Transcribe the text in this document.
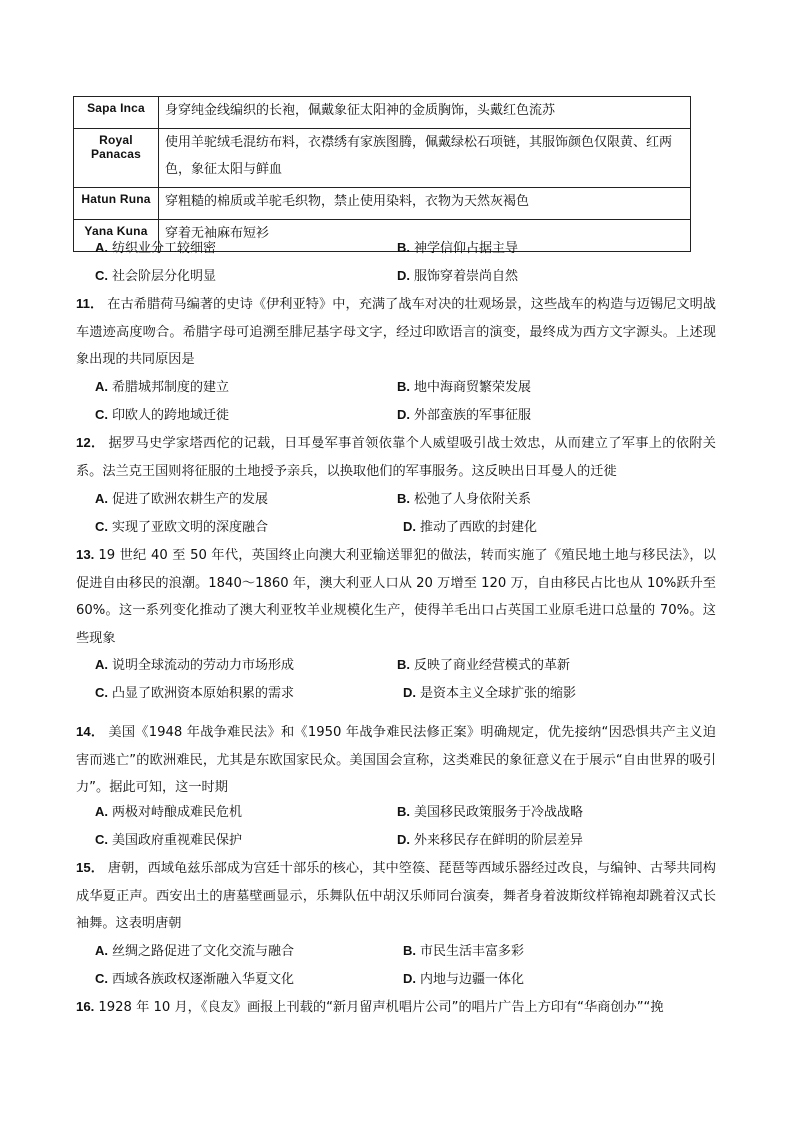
Sapa Inca	身穿纯金线编织的长袍，佩戴象征太阳神的金质胸饰，头戴红色流苏
Royal Panacas	使用羊驼绒毛混纺布料，衣襟绣有家族图腾，佩戴绿松石项链，其服饰颜色仅限黄、红两色，象征太阳与鲜血
Hatun Runa	穿粗糙的棉质或羊驼毛织物，禁止使用染料，衣物为天然灰褐色
Yana Kuna	穿着无袖麻布短衫
A. 纺织业分工较细密	B. 神学信仰占据主导
C. 社会阶层分化明显	D. 服饰穿着崇尚自然
11． 在古希腊荷马编著的史诗《伊利亚特》中，充满了战车对决的壮观场景，这些战车的构造与迈锡尼文明战车遗迹高度吻合。希腊字母可追溯至腓尼基字母文字，经过印欧语言的演变，最终成为西方文字源头。上述现象出现的共同原因是
A. 希腊城邦制度的建立	B. 地中海商贸繁荣发展
C. 印欧人的跨地域迁徙	D. 外部蛮族的军事征服
12． 据罗马史学家塔西佗的记载，日耳曼军事首领依靠个人威望吸引战士效忠，从而建立了军事上的依附关系。法兰克王国则将征服的土地授予亲兵，以换取他们的军事服务。这反映出日耳曼人的迁徙
A. 促进了欧洲农耕生产的发展	B. 松弛了人身依附关系
C. 实现了亚欧文明的深度融合	D. 推动了西欧的封建化
13. 19 世纪 40 至 50 年代，英国终止向澳大利亚输送罪犯的做法，转而实施了《殖民地土地与移民法》，以促进自由移民的浪潮。1840～1860 年，澳大利亚人口从 20 万增至 120 万，自由移民占比也从 10%跃升至 60%。这一系列变化推动了澳大利亚牧羊业规模化生产，使得羊毛出口占英国工业原毛进口总量的 70%。这些现象
A. 说明全球流动的劳动力市场形成	B. 反映了商业经营模式的革新
C. 凸显了欧洲资本原始积累的需求	D. 是资本主义全球扩张的缩影
14． 美国《1948 年战争难民法》和《1950 年战争难民法修正案》明确规定，优先接纳“因恐惧共产主义迫害而逃亡”的欧洲难民，尤其是东欧国家民众。美国国会宣称，这类难民的象征意义在于展示“自由世界的吸引力”。据此可知，这一时期
A. 两极对峙酿成难民危机	B. 美国移民政策服务于冷战战略
C. 美国政府重视难民保护	D. 外来移民存在鲜明的阶层差异
15． 唐朝，西域龟兹乐部成为宫廷十部乐的核心，其中箜篌、琵琶等西域乐器经过改良，与编钟、古琴共同构成华夏正声。西安出土的唐墓壁画显示，乐舞队伍中胡汉乐师同台演奏，舞者身着波斯纹样锦袍却跳着汉式长袖舞。这表明唐朝
A. 丝绸之路促进了文化交流与融合	B. 市民生活丰富多彩
C. 西域各族政权逐渐融入华夏文化	D. 内地与边疆一体化
16. 1928 年 10 月，《良友》画报上刊载的“新月留声机唱片公司”的唱片广告上方印有“华商创办”“挽
